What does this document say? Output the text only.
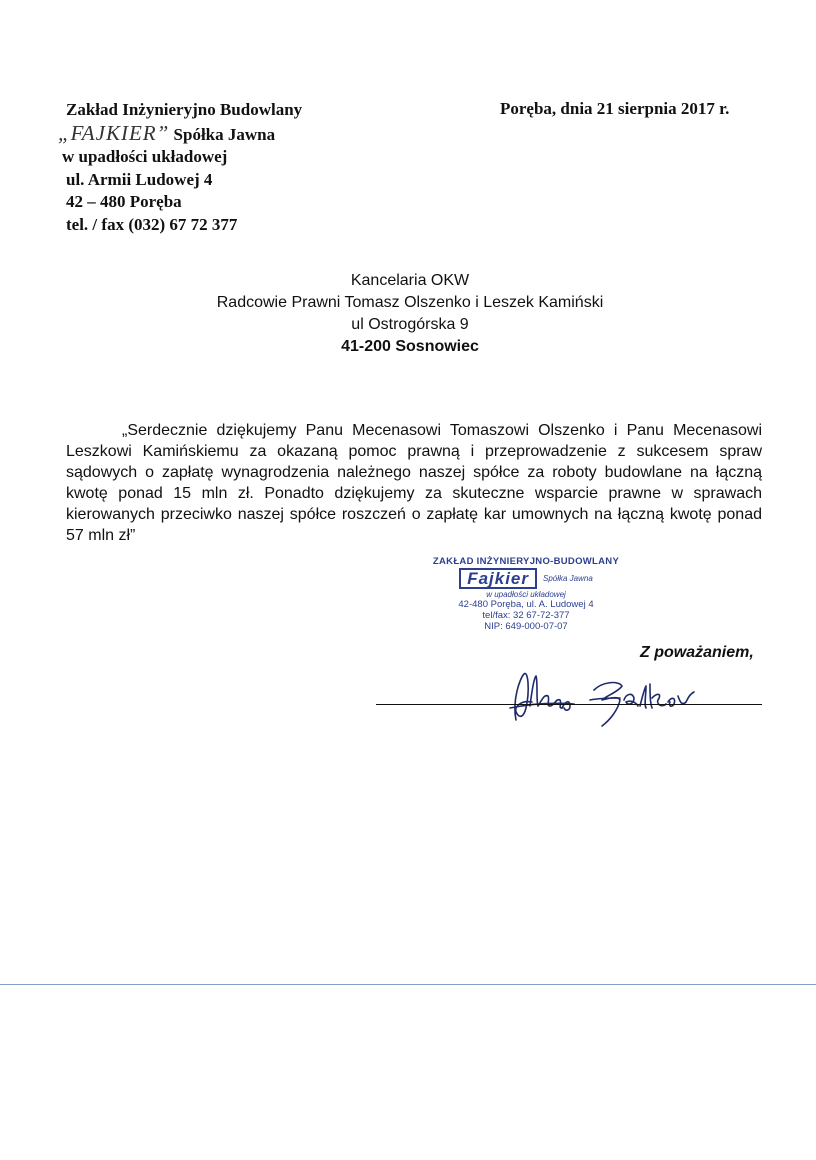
Zakład Inżynieryjno Budowlany
„FAJKIER” Spółka Jawna
w upadłości układowej
ul. Armii Ludowej 4
42 – 480 Poręba
tel. / fax (032) 67 72 377
Poręba, dnia 21 sierpnia 2017 r.
Kancelaria OKW
Radcowie Prawni Tomasz Olszenko i Leszek Kamiński
ul Ostrogórska 9
41-200 Sosnowiec
„Serdecznie dziękujemy Panu Mecenasowi Tomaszowi Olszenko i Panu Mecenasowi Leszkowi Kamińskiemu za okazaną pomoc prawną i przeprowadzenie z sukcesem spraw sądowych o zapłatę wynagrodzenia należnego naszej spółce za roboty budowlane na łączną kwotę ponad 15 mln zł. Ponadto dziękujemy za skuteczne wsparcie prawne w sprawach kierowanych przeciwko naszej spółce roszczeń o zapłatę kar umownych na łączną kwotę ponad 57 mln zł”
ZAKŁAD INŻYNIERYJNO-BUDOWLANY
Fajkier	Spółka Jawna
w upadłości układowej
42-480 Poręba, ul. A. Ludowej 4
tel/fax: 32 67-72-377
NIP: 649-000-07-07
Z poważaniem,
